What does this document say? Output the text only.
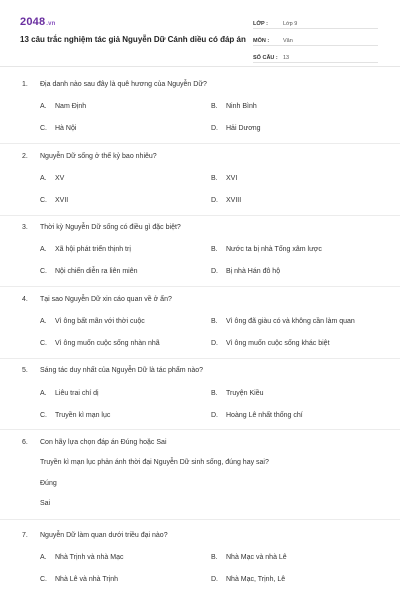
2048.vn
13 câu trắc nghiệm tác giả Nguyễn Dữ Cánh diều có đáp án
LỚP :	Lớp 9
MÔN :	Văn
SỐ CÂU : 13
1. Địa danh nào sau đây là quê hương của Nguyễn Dữ?
A. Nam Định	B. Ninh Bình
C. Hà Nội	D. Hải Dương
2. Nguyễn Dữ sống ở thế kỷ bao nhiêu?
A. XV	B. XVI
C. XVII	D. XVIII
3. Thời kỳ Nguyễn Dữ sống có điều gì đặc biệt?
A. Xã hội phát triển thịnh trị	B. Nước ta bị nhà Tống xâm lược
C. Nội chiến diễn ra liên miên	D. Bị nhà Hán đô hộ
4. Tại sao Nguyễn Dữ xin cáo quan về ở ẩn?
A. Vì ông bất mãn với thời cuộc	B. Vì ông đã giàu có và không cần làm quan
C. Vì ông muốn cuộc sống nhàn nhã	D. Vì ông muốn cuộc sống khác biệt
5. Sáng tác duy nhất của Nguyễn Dữ là tác phẩm nào?
A. Liêu trai chí dị	B. Truyện Kiều
C. Truyền kì mạn lục	D. Hoàng Lê nhất thống chí
6. Con hãy lựa chọn đáp án Đúng hoặc Sai
Truyền kì mạn lục phản ánh thời đại Nguyễn Dữ sinh sống, đúng hay sai?
Đúng
Sai
7. Nguyễn Dữ làm quan dưới triều đại nào?
A. Nhà Trịnh và nhà Mạc	B. Nhà Mạc và nhà Lê
C. Nhà Lê và nhà Trịnh	D. Nhà Mạc, Trịnh, Lê
